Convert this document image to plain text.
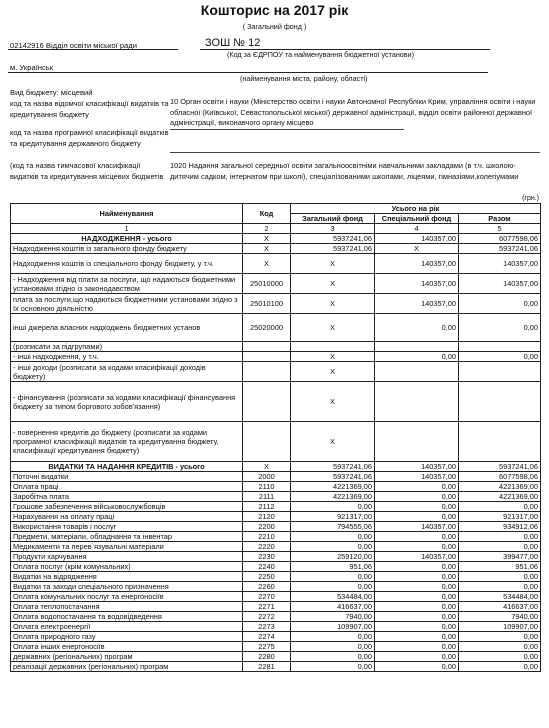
Кошторис на 2017 рік
( Загальний фонд )
02142916 Відділ освіти міської ради	ЗОШ № 12
(Код за ЄДРПОУ та найменування бюджетної установи)
м. Українськ
(найменування міста, району, області)
Вид бюджету: місцевий
код та назва відомчої класифікації видатків та кредитування бюджету
10 Орган освіти і науки (Міністерство освіти і науки Автономної Республіки Крим, управління освіти і науки обласної (Київської, Севастопольської міської) державної адміністрації, відділ освіти районної державної адміністрації, виконавчого органу місцево
код та назва програмної класифікації видатків та кредитування державного бюджету
(код та назва тимчасової класифікації видатків та кредитування місцевих бюджетів
1020 Надання загальної середньої освіти загальноосвітніми навчальними закладами (в т.ч. школою-дитячим садком, інтернатом при школі), спеціалізованими школами, ліцеями, гімназіями,колегіумами
(грн.)
Найменування	Код	Усього на рік		
		Загальний фонд	Спеціальний фонд	Разом
1	2	3	4	5
НАДХОДЖЕННЯ - усього	X	5937241,06	140357,00	6077598,06
Надходження коштів із загального фонду бюджету	X	5937241,06	X	5937241,06
Надходження коштів із спеціального фонду бюджету, у т.ч.	X	X	140357,00	140357,00
- Надходження від плати за послуги, що надаються бюджетними установами згідно із законодавством	25010000	X	140357,00	140357,00
плата за послуги,що надаються бюджетними установами згідно з їх основною діяльністю	25010100	X	140357,00	0,00
інші джерела власних надходжень бюджетних установ	25020000	X	0,00	0,00
(розписати за підгрупами)				
- інші надходження, у т.ч.		X	0,00	0,00
- інші доходи (розписати за кодами класифікації доходів бюджету)		X		
- фінансування (розписати за кодами класифікації фінансування бюджету за типом боргового зобов'язання)		X		
- повернення кредитів до бюджету (розписати за кодами програмної класифікації видатків та кредитування бюджету, класифікації кредитування бюджету)		X		
ВИДАТКИ ТА НАДАННЯ КРЕДИТІВ - усього	X	5937241,06	140357,00	5937241,06
Поточні видатки	2000	5937241,06	140357,00	6077598,06
Оплата праці	2110	4221369,00	0,00	4221369,00
Заробітна плата	2111	4221369,00	0,00	4221369,00
Грошове забезпечення військовослужбовців	2112	0,00	0,00	0,00
Нарахування на оплату праці	2120	921317,00	0,00	921317,00
Використання товарів і послуг	2200	794555,06	140357,00	934912,06
Предмети, матеріали, обладнання та інвентар	2210	0,00	0,00	0,00
Медикаменти та перев`язувальні матеріали	2220	0,00	0,00	0,00
Продукти харчування	2230	259120,00	140357,00	399477,00
Оплата послуг (крім комунальних)	2240	951,06	0,00	951,06
Видатки на відрядження	2250	0,00	0,00	0,00
Видатки та заходи спеціального призначення	2260	0,00	0,00	0,00
Оплата комунальних послуг та енергоносіїв	2270	534484,00	0,00	534484,00
Оплата теплопостачання	2271	416637,00	0,00	416637,00
Оплата водопостачання та водовідведення	2272	7940,00	0,00	7940,00
Оплата електроенергії	2273	109907,00	0,00	109907,00
Оплата природного газу	2274	0,00	0,00	0,00
Оплата інших енергоносіїв	2275	0,00	0,00	0,00
державних (регіональних) програм	2280	0,00	0,00	0,00
реалізації державних (регіональних) програм	2281	0,00	0,00	0,00
